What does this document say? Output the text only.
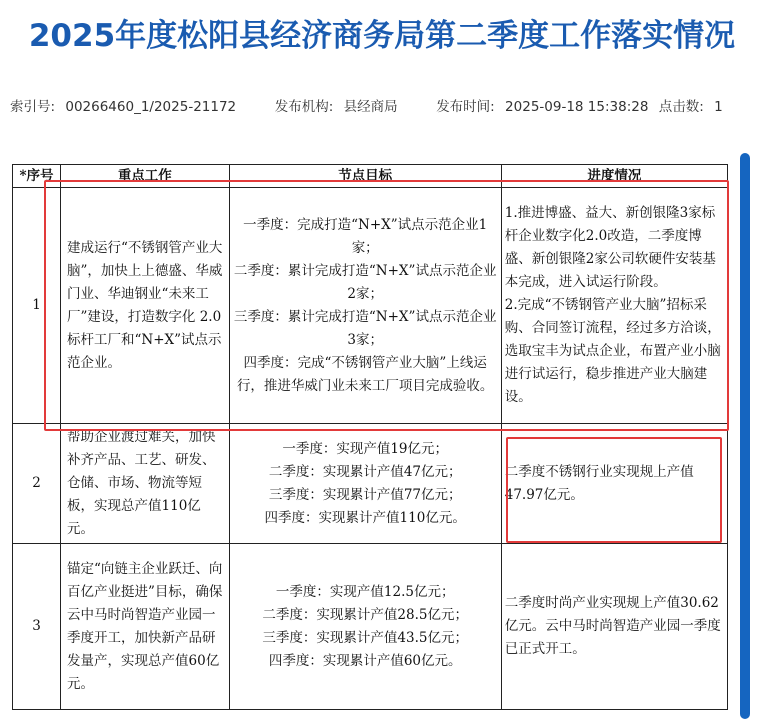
2025年度松阳县经济商务局第二季度工作落实情况
索引号: 00266460_1/2025-21172	发布机构: 县经商局	发布时间: 2025-09-18 15:38:28 点击数: 1
*序号	重点工作	节点目标	进度情况
1	建成运行“不锈钢管产业大脑”，加快上上德盛、华威门业、华迪钢业“未来工厂”建设，打造数字化 2.0 标杆工厂和“N+X”试点示范企业。	一季度：完成打造“N+X”试点示范企业1家；
二季度：累计完成打造“N+X”试点示范企业2家；
三季度：累计完成打造“N+X”试点示范企业3家；
四季度：完成“不锈钢管产业大脑”上线运行，推进华威门业未来工厂项目完成验收。	1.推进博盛、益大、新创银隆3家标杆企业数字化2.0改造，二季度博盛、新创银隆2家公司软硬件安装基本完成，进入试运行阶段。
2.完成“不锈钢管产业大脑”招标采购、合同签订流程，经过多方洽谈，选取宝丰为试点企业，布置产业小脑进行试运行，稳步推进产业大脑建设。

2	帮助企业渡过难关，加快补齐产品、工艺、研发、仓储、市场、物流等短板，实现总产值110亿元。	一季度：实现产值19亿元；
二季度：实现累计产值47亿元；
三季度：实现累计产值77亿元；
四季度：实现累计产值110亿元。	二季度不锈钢行业实现规上产值47.97亿元。

3	锚定“向链主企业跃迁、向百亿产业挺进”目标，确保云中马时尚智造产业园一季度开工，加快新产品研发量产，实现总产值60亿元。	一季度：实现产值12.5亿元；
二季度：实现累计产值28.5亿元；
三季度：实现累计产值43.5亿元；
四季度：实现累计产值60亿元。	二季度时尚产业实现规上产值30.62亿元。云中马时尚智造产业园一季度已正式开工。
